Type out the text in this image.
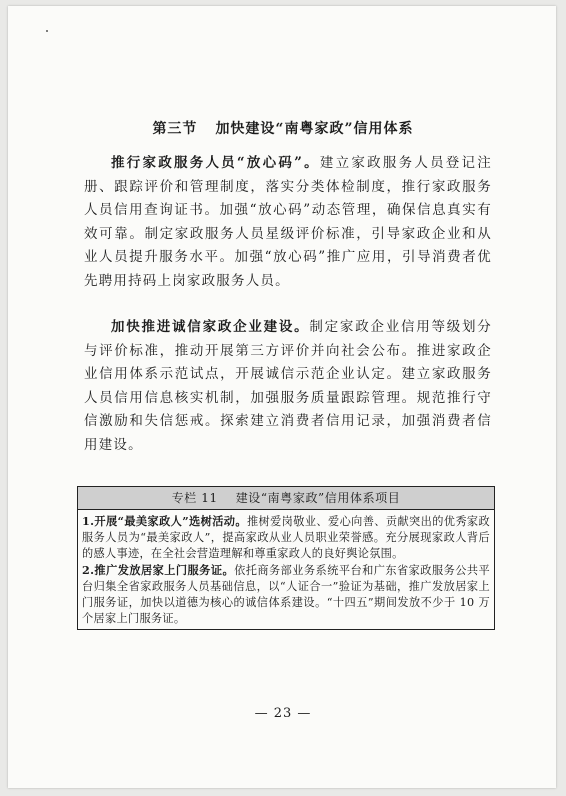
第三节 加快建设“南粤家政”信用体系
推行家政服务人员“放心码”。建立家政服务人员登记注册、跟踪评价和管理制度，落实分类体检制度，推行家政服务人员信用查询证书。加强“放心码”动态管理，确保信息真实有效可靠。制定家政服务人员星级评价标准，引导家政企业和从业人员提升服务水平。加强“放心码”推广应用，引导消费者优先聘用持码上岗家政服务人员。
加快推进诚信家政企业建设。制定家政企业信用等级划分与评价标准，推动开展第三方评价并向社会公布。推进家政企业信用体系示范试点，开展诚信示范企业认定。建立家政服务人员信用信息核实机制，加强服务质量跟踪管理。规范推行守信激励和失信惩戒。探索建立消费者信用记录，加强消费者信用建设。
专栏 11 建设“南粤家政”信用体系项目

1.开展“最美家政人”选树活动。推树爱岗敬业、爱心向善、贡献突出的优秀家政服务人员为“最美家政人”，提高家政从业人员职业荣誉感。充分展现家政人背后的感人事迹，在全社会营造理解和尊重家政人的良好舆论氛围。

2.推广发放居家上门服务证。依托商务部业务系统平台和广东省家政服务公共平台归集全省家政服务人员基础信息，以“人证合一”验证为基础，推广发放居家上门服务证，加快以道德为核心的诚信体系建设。“十四五”期间发放不少于 10 万个居家上门服务证。

— 23 —
